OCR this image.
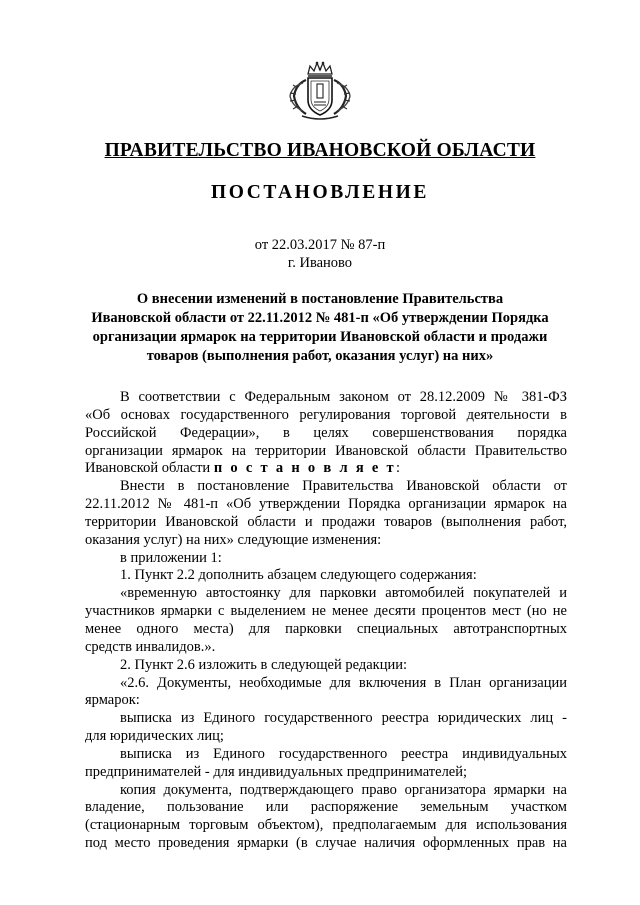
ПРАВИТЕЛЬСТВО ИВАНОВСКОЙ ОБЛАСТИ
ПОСТАНОВЛЕНИЕ
от 22.03.2017 № 87-п
г. Иваново
О внесении изменений в постановление Правительства
Ивановской области от 22.11.2012 № 481-п «Об утверждении Порядка
организации ярмарок на территории Ивановской области и продажи
товаров (выполнения работ, оказания услуг) на них»
В соответствии с Федеральным законом от 28.12.2009 № 381-ФЗ
«Об основах государственного регулирования торговой деятельности в
Российской Федерации», в целях совершенствования порядка
организации ярмарок на территории Ивановской области Правительство
Ивановской области п о с т а н о в л я е т:
Внести в постановление Правительства Ивановской области от
22.11.2012 № 481-п «Об утверждении Порядка организации ярмарок на
территории Ивановской области и продажи товаров (выполнения работ,
оказания услуг) на них» следующие изменения:
в приложении 1:
1. Пункт 2.2 дополнить абзацем следующего содержания:
«временную автостоянку для парковки автомобилей покупателей и
участников ярмарки с выделением не менее десяти процентов мест (но не
менее одного места) для парковки специальных автотранспортных
средств инвалидов.».
2. Пункт 2.6 изложить в следующей редакции:
«2.6. Документы, необходимые для включения в План организации
ярмарок:
выписка из Единого государственного реестра юридических лиц -
для юридических лиц;
выписка из Единого государственного реестра индивидуальных
предпринимателей - для индивидуальных предпринимателей;
копия документа, подтверждающего право организатора ярмарки на
владение, пользование или распоряжение земельным участком
(стационарным торговым объектом), предполагаемым для использования
под место проведения ярмарки (в случае наличия оформленных прав на
